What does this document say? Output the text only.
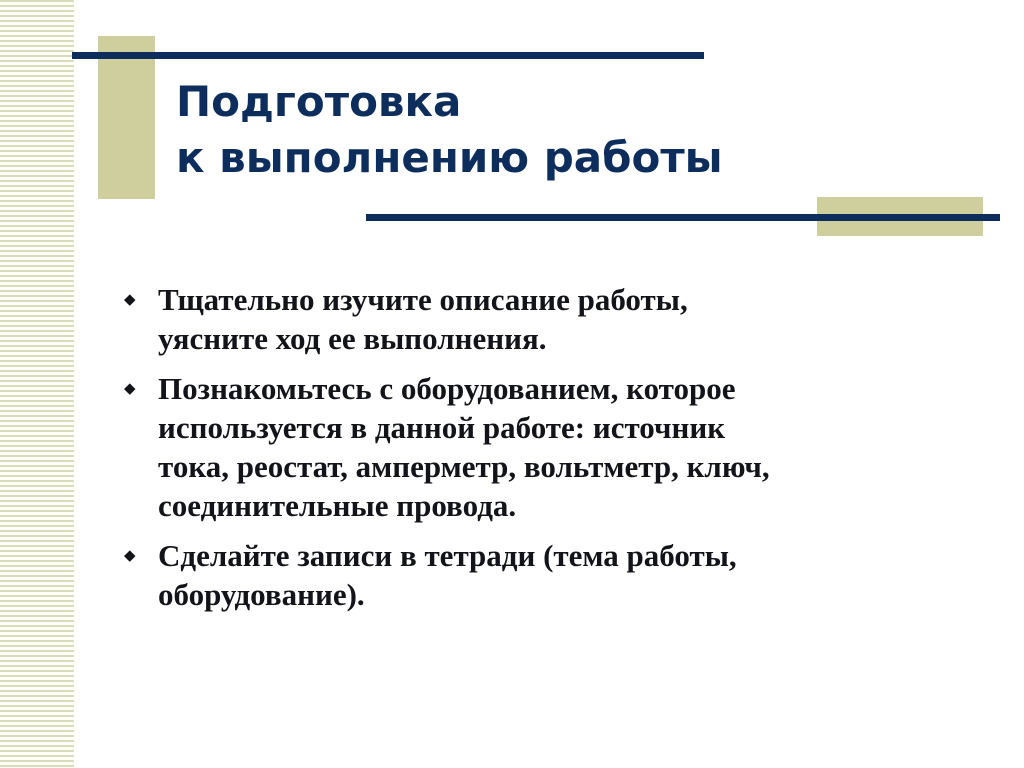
Подготовка
к выполнению работы
◆ Тщательно изучите описание работы,
уясните ход ее выполнения.
◆ Познакомьтесь с оборудованием, которое
используется в данной работе: источник
тока, реостат, амперметр, вольтметр, ключ,
соединительные провода.
◆ Сделайте записи в тетради (тема работы,
оборудование).
